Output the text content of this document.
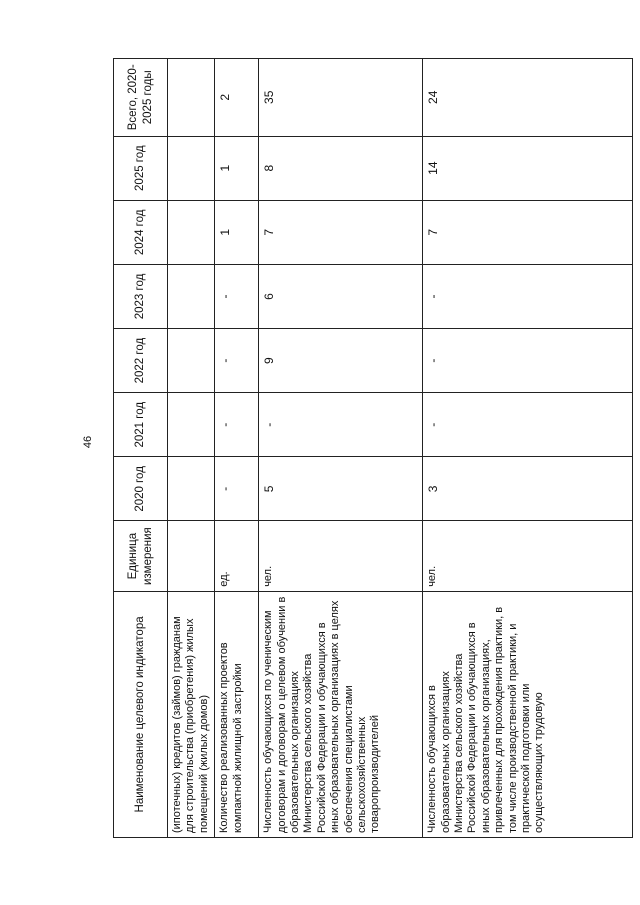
46
Наименование целевого индикатора	Единица измерения	2020 год	2021 год	2022 год	2023 год	2024 год	2025 год	Всего, 2020-2025 годы
(ипотечных) кредитов (займов) гражданам для строительства (приобретения) жилых помещений (жилых домов)								
Количество реализованных проектов компактной жилищной застройки	ед.	-	-	-	-	1	1	2
Численность обучающихся по ученическим договорам и договорам о целевом обучении в образовательных организациях Министерства сельского хозяйства Российской Федерации и обучающихся в иных образовательных организациях в целях обеспечения специалистами сельскохозяйственных товаропроизводителей	чел.	5	-	9	6	7	8	35
Численность обучающихся в образовательных организациях Министерства сельского хозяйства Российской Федерации и обучающихся в иных образовательных организациях, привлеченных для прохождения практики, в том числе производственной практики, и практической подготовки или осуществляющих трудовую	чел.	3	-	-	-	7	14	24
